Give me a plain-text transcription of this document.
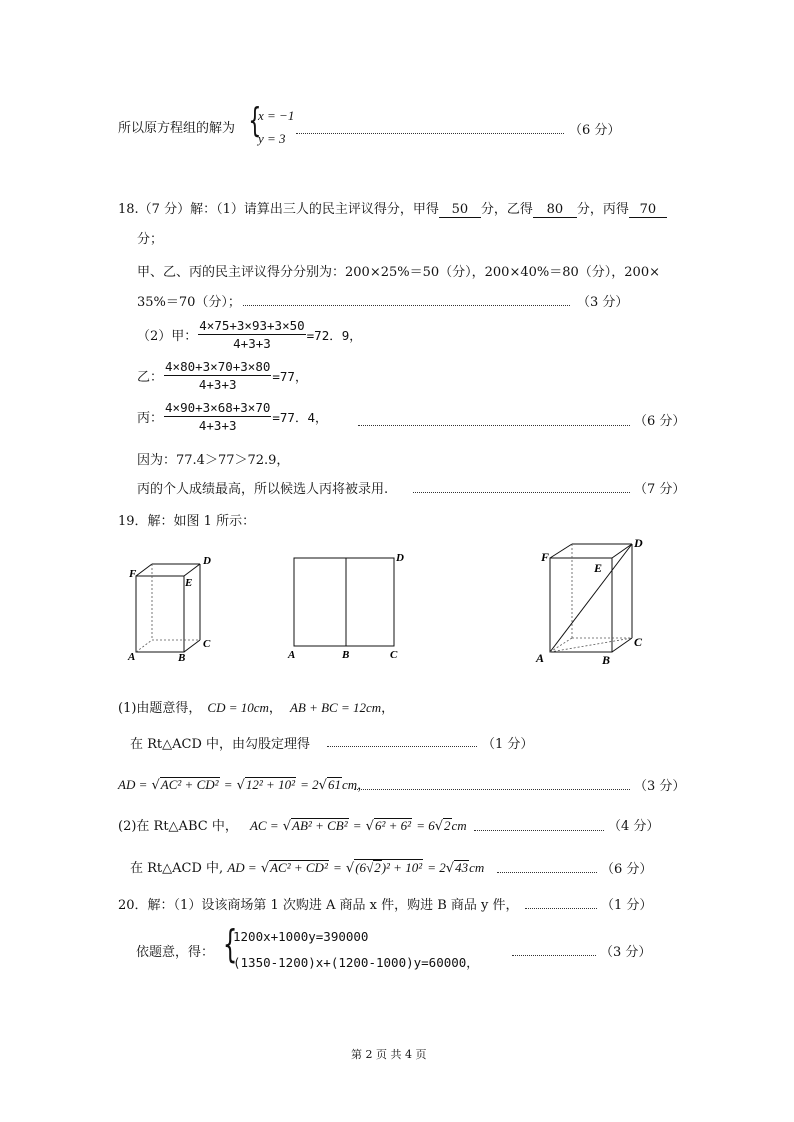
所以原方程组的解为 {
x = −1
y = 3
（6 分）
18.（7 分）解：（1）请算出三人的民主评议得分，甲得 50 分，乙得 80 分，丙得 70
分；
甲、乙、丙的民主评议得分分别为：200×25%＝50（分），200×40%＝80（分），200×
35%＝70（分）；	（3 分）
（2）甲： $\frac{4\times 75+3\times 93+3\times 50}{4+3+3} =72$．9，
乙： $\frac{4\times 80+3\times 70+3\times 80}{4+3+3} =77$，
丙： $\frac{4\times 90+3\times 68+3\times 70}{4+3+3} =77$．4，	（6 分）
因为：77.4＞77＞72.9，
丙的个人成绩最高，所以候选人丙将被录用.	（7 分）
19．解：如图 1 所示：
F
D
E
C
A	B
D
A	B	C
F
D
E
C
A	B
(1)由题意得， CD = 10cm， AB + BC = 12cm，
在 Rt△ACD 中，由勾股定理得	（1 分）
AD = √AC² + CD² = √12² + 10² = 2√61cm，	（3 分）
(2)在 Rt△ABC 中， AC = √AB² + CB² = √6² + 6² = 6√2cm	（4 分）
在 Rt△ACD 中, AD = √AC² + CD² = √(6√2)² + 10² = 2√43cm	（6 分）
20．解：（1）设该商场第 1 次购进 A 商品 x 件，购进 B 商品 y 件，	（1 分）
依题意，得： {
1200x+1000y=390000
(1350-1200)x+(1200-1000)y=60000，
（3 分）
第 2 页 共 4 页
